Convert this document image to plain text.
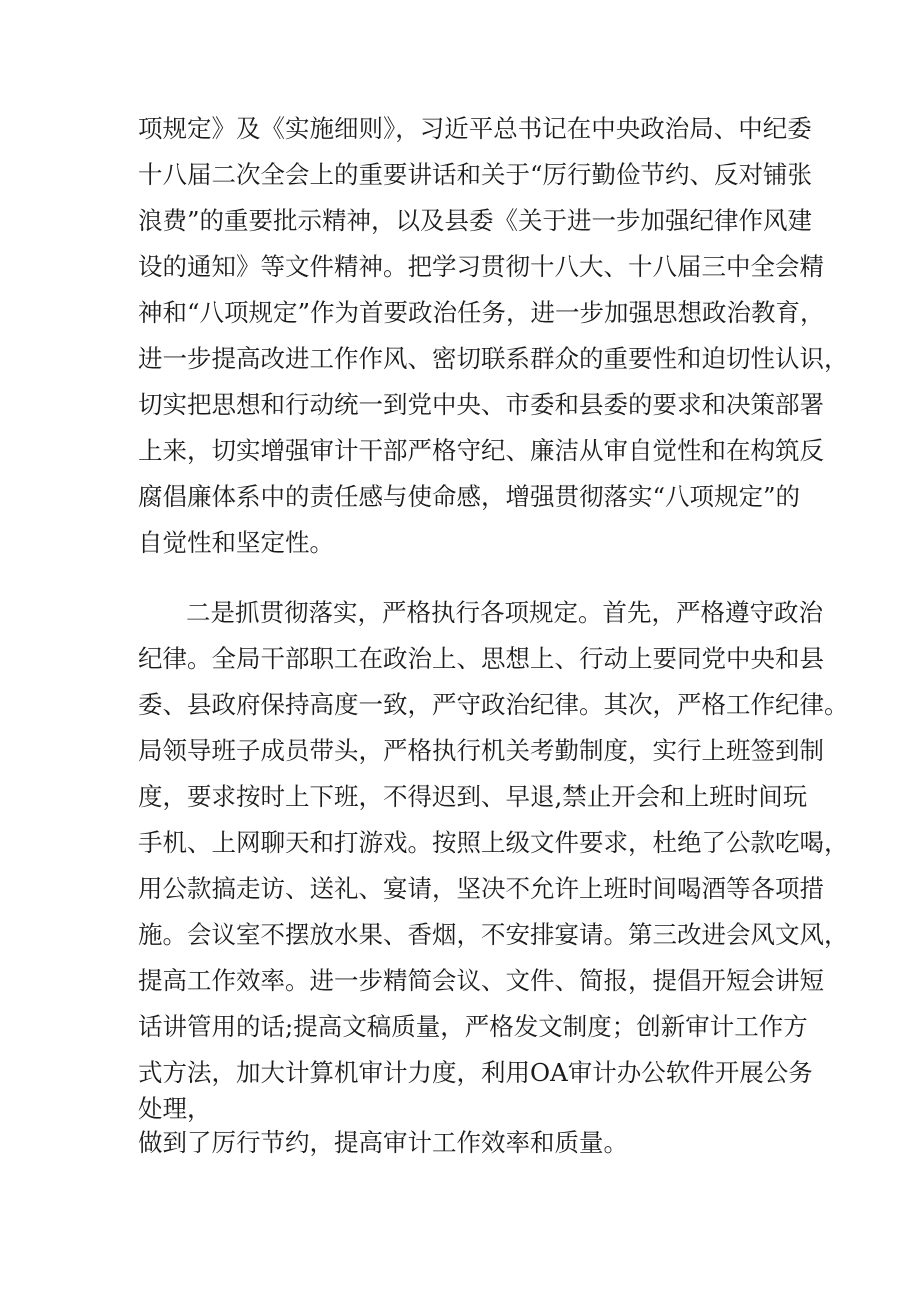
项规定》及《实施细则》，习近平总书记在中央政治局、中纪委

十八届二次全会上的重要讲话和关于“厉行勤俭节约、反对铺张

浪费”的重要批示精神，以及县委《关于进一步加强纪律作风建

设的通知》等文件精神。把学习贯彻十八大、十八届三中全会精

神和“八项规定”作为首要政治任务，进一步加强思想政治教育，

进一步提高改进工作作风、密切联系群众的重要性和迫切性认识，

切实把思想和行动统一到党中央、市委和县委的要求和决策部署

上来，切实增强审计干部严格守纪、廉洁从审自觉性和在构筑反

腐倡廉体系中的责任感与使命感，增强贯彻落实“八项规定”的

自觉性和坚定性。

二是抓贯彻落实，严格执行各项规定。首先，严格遵守政治

纪律。全局干部职工在政治上、思想上、行动上要同党中央和县

委、县政府保持高度一致，严守政治纪律。其次，严格工作纪律。

局领导班子成员带头，严格执行机关考勤制度，实行上班签到制

度，要求按时上下班，不得迟到、早退,禁止开会和上班时间玩

手机、上网聊天和打游戏。按照上级文件要求，杜绝了公款吃喝，

用公款搞走访、送礼、宴请，坚决不允许上班时间喝酒等各项措

施。会议室不摆放水果、香烟，不安排宴请。第三改进会风文风，

提高工作效率。进一步精简会议、文件、简报，提倡开短会讲短

话讲管用的话;提高文稿质量，严格发文制度；创新审计工作方

式方法，加大计算机审计力度，利用OA审计办公软件开展公务

处理，

做到了厉行节约，提高审计工作效率和质量。
